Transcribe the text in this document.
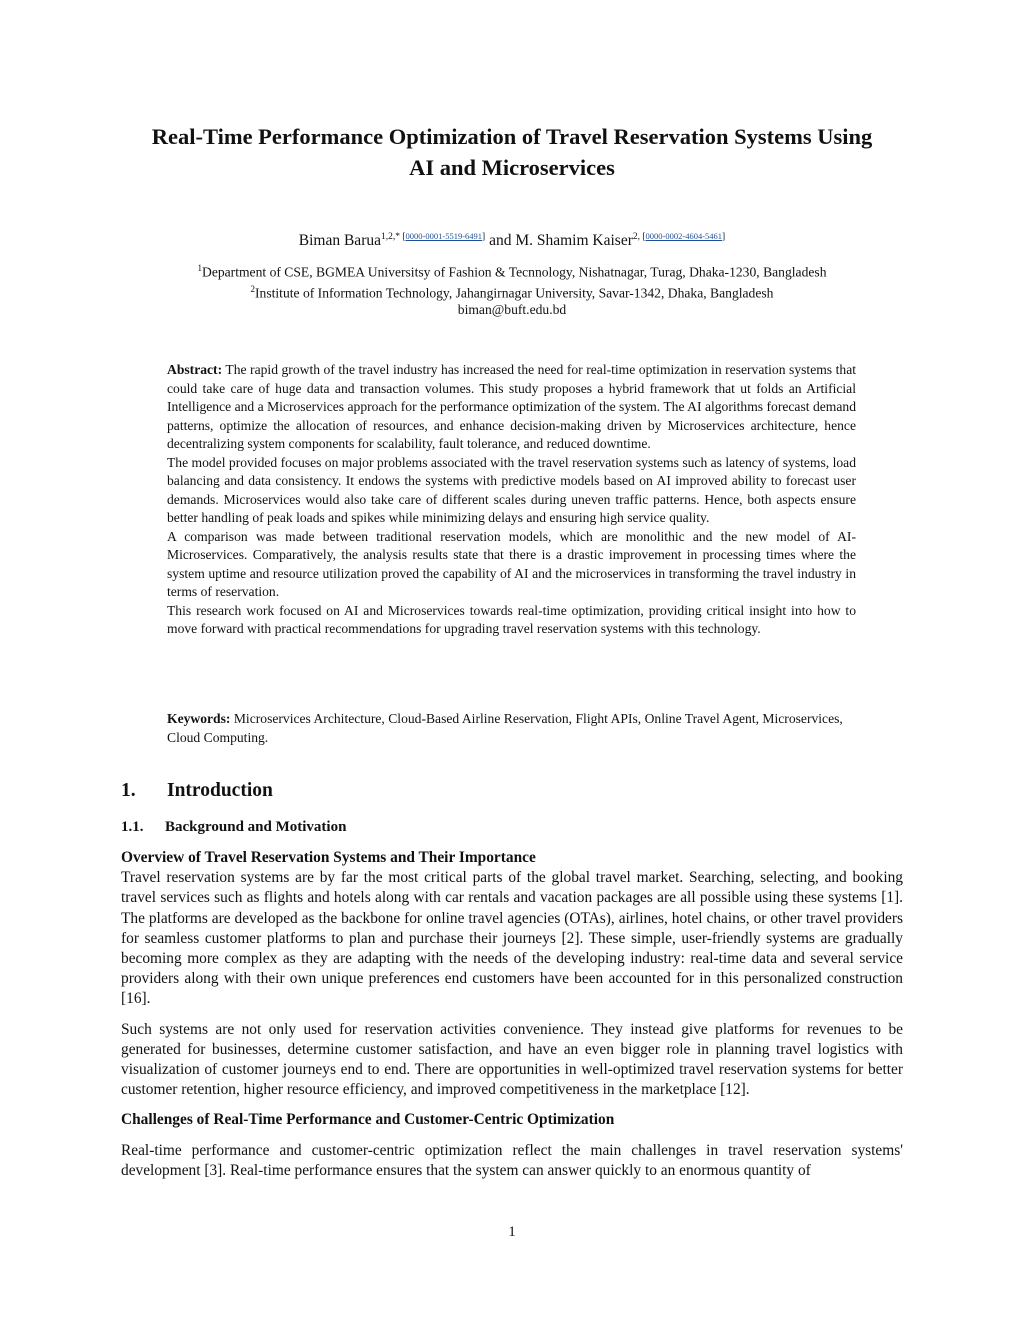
Real-Time Performance Optimization of Travel Reservation Systems Using
AI and Microservices
Biman Barua$^{1,2,* [0000-0001-5519-6491]}$ and M. Shamim Kaiser$^{2, [0000-0002-4604-5461]}$
$^1$Department of CSE, BGMEA Universitsy of Fashion & Tecnnology, Nishatnagar, Turag, Dhaka-1230, Bangladesh
$^2$Institute of Information Technology, Jahangirnagar University, Savar-1342, Dhaka, Bangladesh
biman@buft.edu.bd

Abstract: The rapid growth of the travel industry has increased the need for real-time optimization in reservation systems that could take care of huge data and transaction volumes. This study proposes a hybrid framework that ut folds an Artificial Intelligence and a Microservices approach for the performance optimization of the system. The AI algorithms forecast demand patterns, optimize the allocation of resources, and enhance decision-making driven by Microservices architecture, hence decentralizing system components for scalability, fault tolerance, and reduced downtime.

The model provided focuses on major problems associated with the travel reservation systems such as latency of systems, load balancing and data consistency. It endows the systems with predictive models based on AI improved ability to forecast user demands. Microservices would also take care of different scales during uneven traffic patterns. Hence, both aspects ensure better handling of peak loads and spikes while minimizing delays and ensuring high service quality.

A comparison was made between traditional reservation models, which are monolithic and the new model of AI-Microservices. Comparatively, the analysis results state that there is a drastic improvement in processing times where the system uptime and resource utilization proved the capability of AI and the microservices in transforming the travel industry in terms of reservation.

This research work focused on AI and Microservices towards real-time optimization, providing critical insight into how to move forward with practical recommendations for upgrading travel reservation systems with this technology.

Keywords: Microservices Architecture, Cloud-Based Airline Reservation, Flight APIs, Online Travel Agent, Microservices, Cloud Computing.
1. Introduction
1.1. Background and Motivation

Overview of Travel Reservation Systems and Their Importance

Travel reservation systems are by far the most critical parts of the global travel market. Searching, selecting, and booking travel services such as flights and hotels along with car rentals and vacation packages are all possible using these systems [1]. The platforms are developed as the backbone for online travel agencies (OTAs), airlines, hotel chains, or other travel providers for seamless customer platforms to plan and purchase their journeys [2]. These simple, user-friendly systems are gradually becoming more complex as they are adapting with the needs of the developing industry: real-time data and several service providers along with their own unique preferences end customers have been accounted for in this personalized construction [16].

Such systems are not only used for reservation activities convenience. They instead give platforms for revenues to be generated for businesses, determine customer satisfaction, and have an even bigger role in planning travel logistics with visualization of customer journeys end to end. There are opportunities in well-optimized travel reservation systems for better customer retention, higher resource efficiency, and improved competitiveness in the marketplace [12].

Challenges of Real-Time Performance and Customer-Centric Optimization

Real-time performance and customer-centric optimization reflect the main challenges in travel reservation systems' development [3]. Real-time performance ensures that the system can answer quickly to an enormous quantity of

1
